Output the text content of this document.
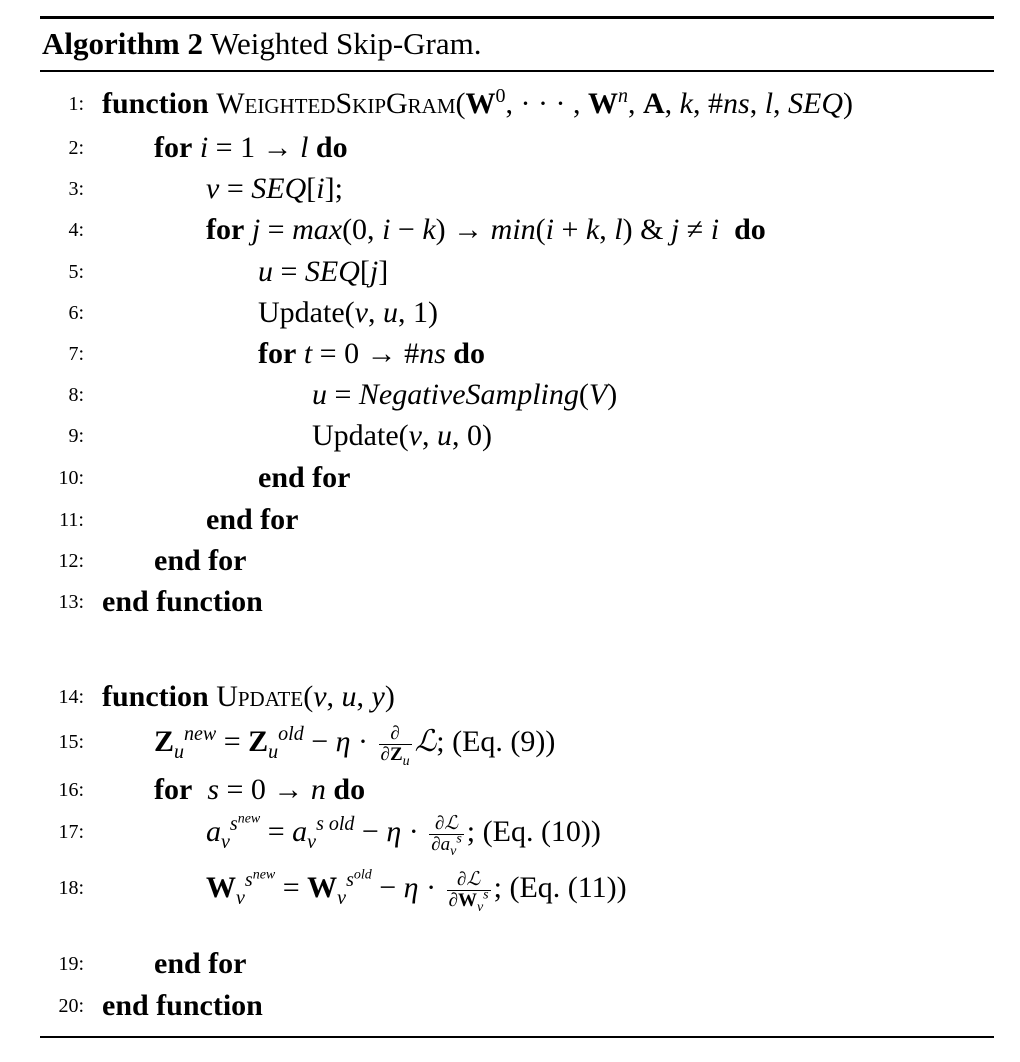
Algorithm 2 Weighted Skip-Gram.
1: function $WeightedSkipGram(W^0$, · · · , $W^n$, A, k, #ns, l, SEQ)
2: for i = 1 → l do
3:	v = SEQ[i];
4:	for j = max(0, i − k) → min(i + k, l) & j ≠ i do
5:	u = SEQ[j]
6:	Update(v, u, 1)
7:	for t = 0 → #ns do
8:	u = NegativeSampling(V)
9:	Update(v, u, 0)
10:	end for
11:	end for
12: end for
13: end function
14: function Update(v, u, y)
15: $Z_u^{new} = Z_u^{old} - \eta \cdot \frac{\partial}{\partial Z_u}$ ℒ; (Eq. (9))
16: for s = 0 → n do
17:	$a_v^{s^{new}} = a_v^{s old} - \eta \cdot \frac{\text{∂ℒ}}{\partial a_v^s}$ ; (Eq. (10))
18:	$W_v^{s^{new}} = W_v^{s^{old}} - \eta \cdot \frac{\text{∂ℒ}}{\partial W_v^s}$ ; (Eq. (11))
19: end for
20: end function
